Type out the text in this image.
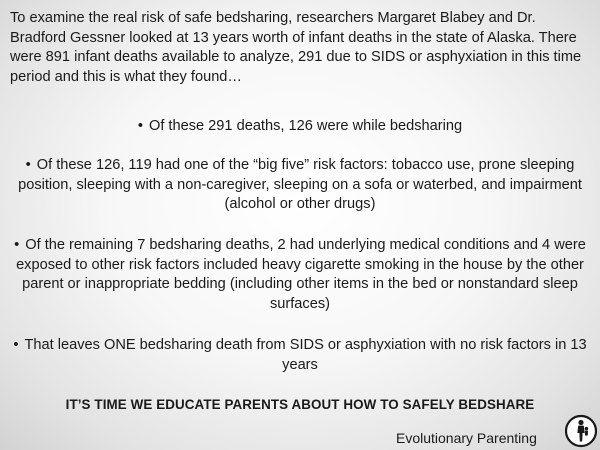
To examine the real risk of safe bedsharing, researchers Margaret Blabey and Dr. Bradford Gessner looked at 13 years worth of infant deaths in the state of Alaska. There were 891 infant deaths available to analyze, 291 due to SIDS or asphyxiation in this time period and this is what they found…

• Of these 291 deaths, 126 were while bedsharing

• Of these 126, 119 had one of the “big five” risk factors: tobacco use, prone sleeping position, sleeping with a non-caregiver, sleeping on a sofa or waterbed, and impairment (alcohol or other drugs)

• Of the remaining 7 bedsharing deaths, 2 had underlying medical conditions and 4 were exposed to other risk factors included heavy cigarette smoking in the house by the other parent or inappropriate bedding (including other items in the bed or nonstandard sleep surfaces)

• That leaves ONE bedsharing death from SIDS or asphyxiation with no risk factors in 13 years

IT’S TIME WE EDUCATE PARENTS ABOUT HOW TO SAFELY BEDSHARE

Evolutionary Parenting
